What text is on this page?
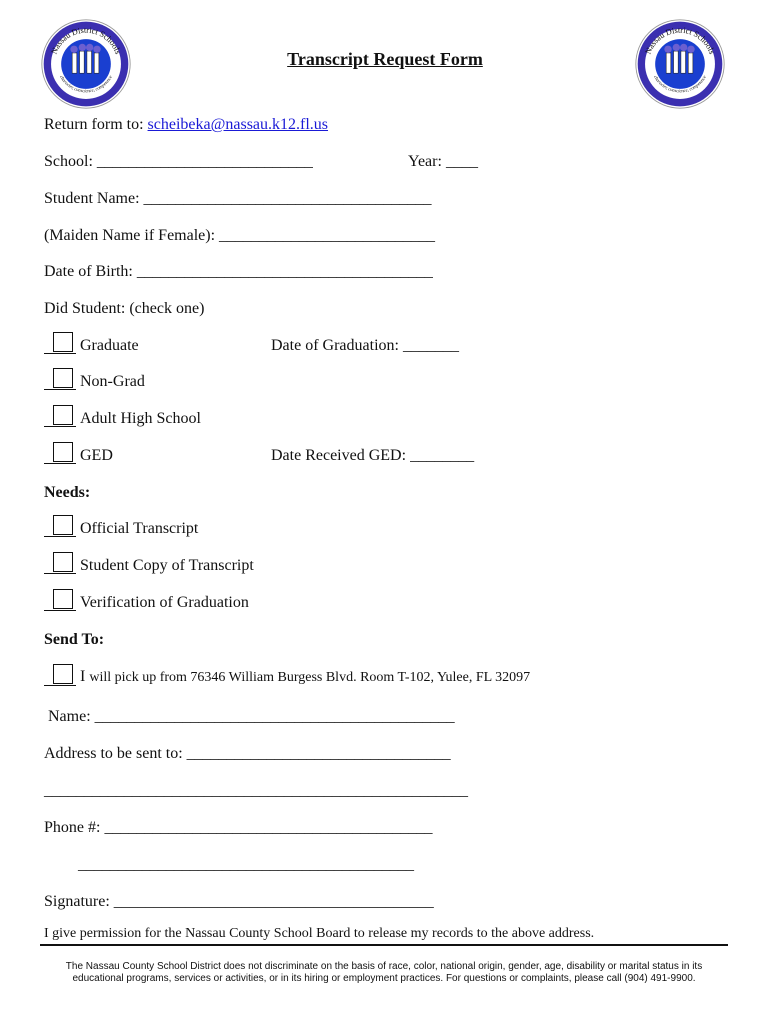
Nassau District Schools
character, conscience, competence
Nassau District Schools
character, conscience, competence
Transcript Request Form
Return form to: scheibeka@nassau.k12.fl.us
School: ___________________________	Year: ____
Student Name: ____________________________________
(Maiden Name if Female): ___________________________
Date of Birth: _____________________________________
Did Student: (check one)
Graduate	Date of Graduation: _______
Non-Grad
Adult High School
GED	Date Received GED: ________
Needs:
Official Transcript
Student Copy of Transcript
Verification of Graduation
Send To:
I will pick up from 76346 William Burgess Blvd. Room T-102, Yulee, FL 32097
Name: _____________________________________________
Address to be sent to: _________________________________
_____________________________________________________
Phone #: _________________________________________
__________________________________________
Signature: ________________________________________
I give permission for the Nassau County School Board to release my records to the above address.
The Nassau County School District does not discriminate on the basis of race, color, national origin, gender, age, disability or marital status in its
educational programs, services or activities, or in its hiring or employment practices. For questions or complaints, please call (904) 491-9900.
